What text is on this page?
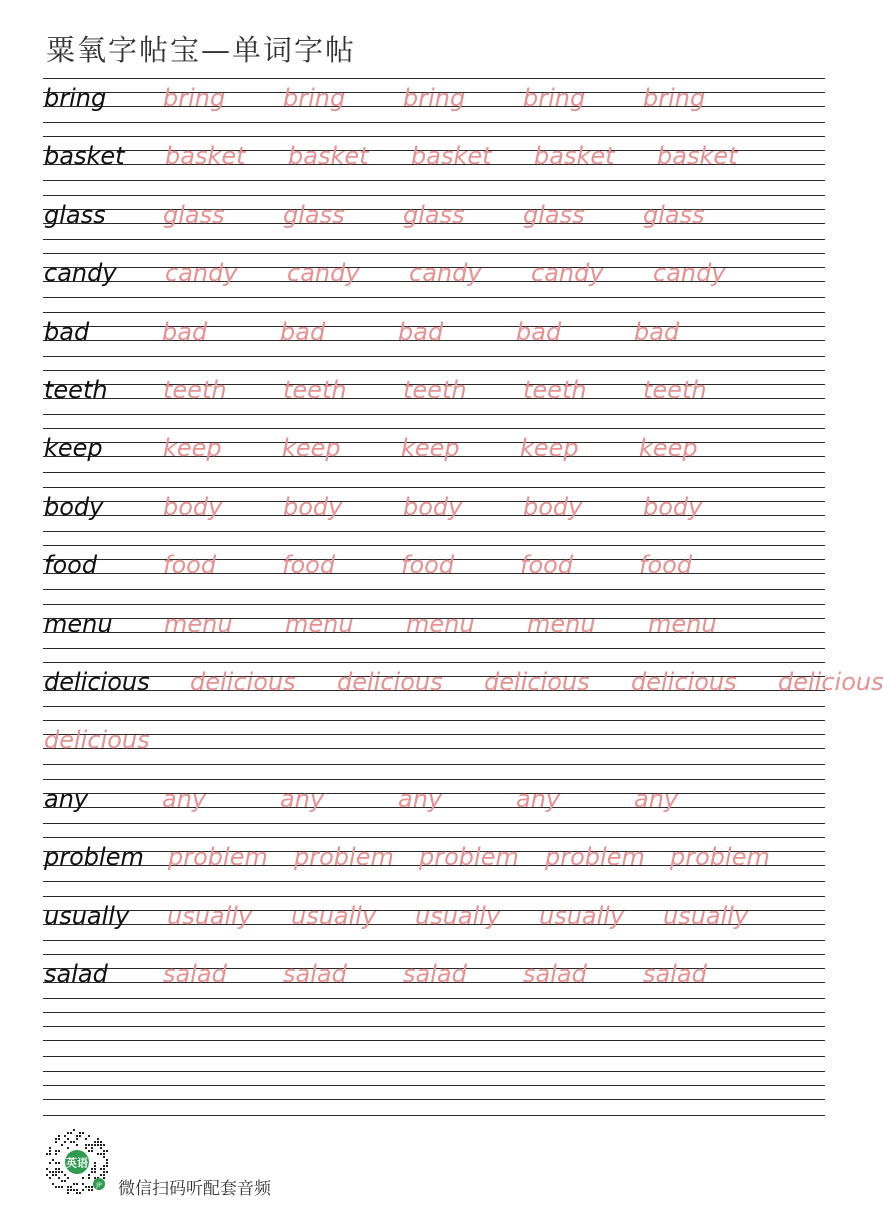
粟氧字帖宝—单词字帖
bring bring bring bring bring bring
basket basket basket basket basket basket
glass glass glass glass glass glass
candy candy candy candy candy candy
bad	bad	bad	bad	bad	bad
teeth teeth teeth teeth teeth teeth
keep	keep	keep	keep	keep	keep
body body	body	body	body	body
food	food	food	food	food	food
menu menu menu menu menu menu
delicious delicious delicious delicious delicious delicious
delicious
any	any	any	any	any	any
problem problem problem problem problem problem
usually usually usually usually usually usually
salad salad salad salad salad salad
英语
JP 微信扫码听配套音频
